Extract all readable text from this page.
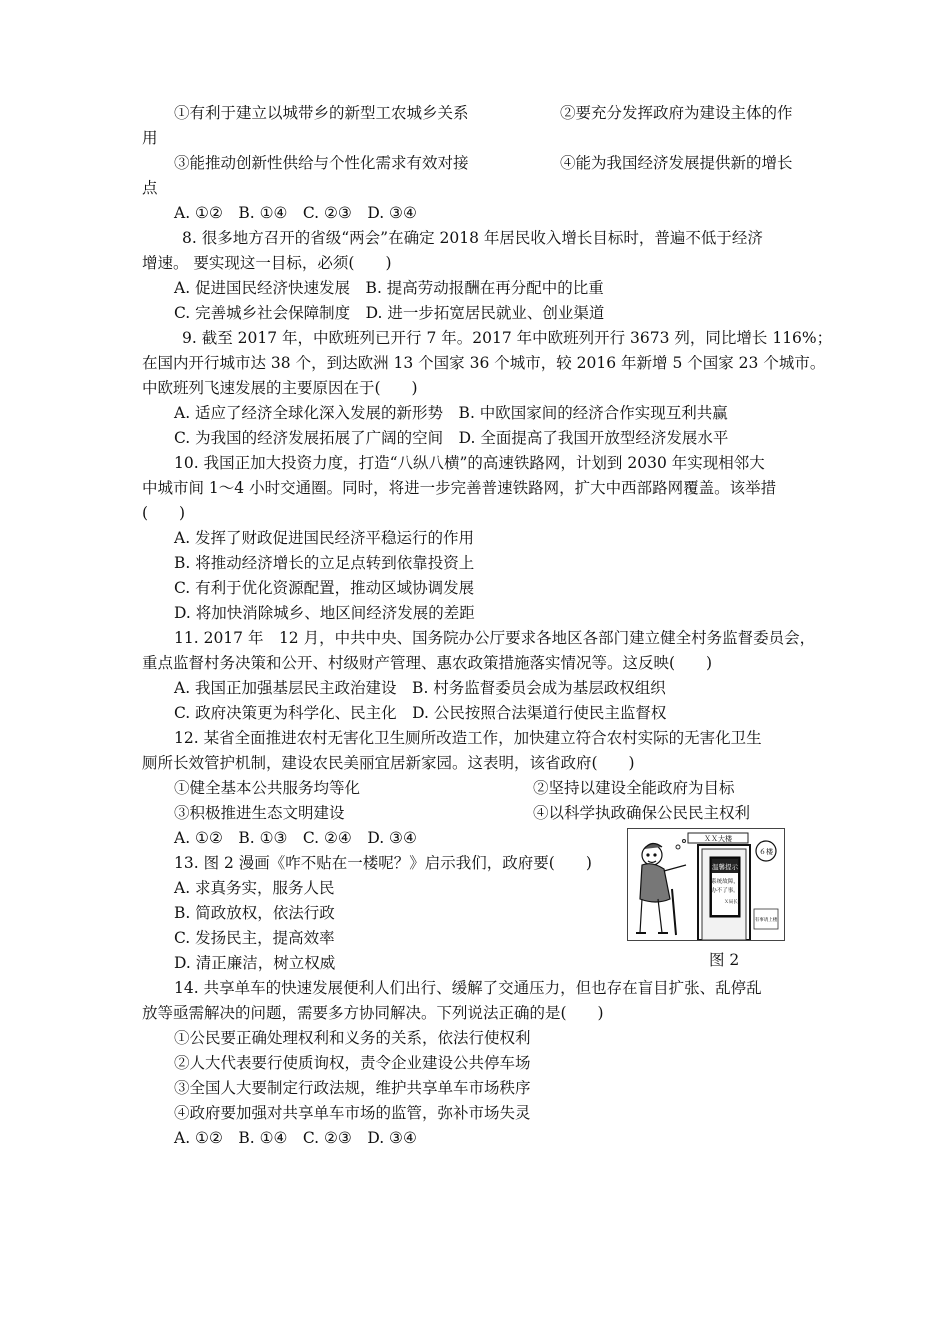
①有利于建立以城带乡的新型工农城乡关系	②要充分发挥政府为建设主体的作
用
③能推动创新性供给与个性化需求有效对接	④能为我国经济发展提供新的增长
点
A. ①②　B. ①④　C. ②③　D. ③④
8. 很多地方召开的省级“两会”在确定 2018 年居民收入增长目标时，普遍不低于经济
增速。 要实现这一目标，必须(　　)
A. 促进国民经济快速发展　B. 提高劳动报酬在再分配中的比重
C. 完善城乡社会保障制度　D. 进一步拓宽居民就业、创业渠道
9. 截至 2017 年，中欧班列已开行 7 年。2017 年中欧班列开行 3673 列，同比增长 116%；
在国内开行城市达 38 个，到达欧洲 13 个国家 36 个城市，较 2016 年新增 5 个国家 23 个城市。
中欧班列飞速发展的主要原因在于(　　)
A. 适应了经济全球化深入发展的新形势　B. 中欧国家间的经济合作实现互利共赢
C. 为我国的经济发展拓展了广阔的空间　D. 全面提高了我国开放型经济发展水平
10. 我国正加大投资力度，打造“八纵八横”的高速铁路网，计划到 2030 年实现相邻大
中城市间 1～4 小时交通圈。同时，将进一步完善普速铁路网，扩大中西部路网覆盖。该举措
(　　)
A. 发挥了财政促进国民经济平稳运行的作用
B. 将推动经济增长的立足点转到依靠投资上
C. 有利于优化资源配置，推动区域协调发展
D. 将加快消除城乡、地区间经济发展的差距
11. 2017 年　12 月，中共中央、国务院办公厅要求各地区各部门建立健全村务监督委员会，
重点监督村务决策和公开、村级财产管理、惠农政策措施落实情况等。这反映(　　)
A. 我国正加强基层民主政治建设　B. 村务监督委员会成为基层政权组织
C. 政府决策更为科学化、民主化　D. 公民按照合法渠道行使民主监督权
12. 某省全面推进农村无害化卫生厕所改造工作，加快建立符合农村实际的无害化卫生
厕所长效管护机制，建设农民美丽宜居新家园。这表明，该省政府(　　)
①健全基本公共服务均等化	②坚持以建设全能政府为目标
③积极推进生态文明建设	④以科学执政确保公民民主权利
A. ①②　B. ①③　C. ②④　D. ③④
13. 图 2 漫画《咋不贴在一楼呢？》启示我们，政府要(　　)
A. 求真务实，服务人民
B. 简政放权，依法行政
C. 发扬民主，提高效率
D. 清正廉洁，树立权威
ＸＸ大楼
温馨提示
系统故障，
办不了事。
Ｘ局长
６楼
有事请上楼
图 2
14. 共享单车的快速发展便利人们出行、缓解了交通压力，但也存在盲目扩张、乱停乱
放等亟需解决的问题，需要多方协同解决。下列说法正确的是(　　)
①公民要正确处理权利和义务的关系，依法行使权利
②人大代表要行使质询权，责令企业建设公共停车场
③全国人大要制定行政法规，维护共享单车市场秩序
④政府要加强对共享单车市场的监管，弥补市场失灵
A. ①②　B. ①④　C. ②③　D. ③④
